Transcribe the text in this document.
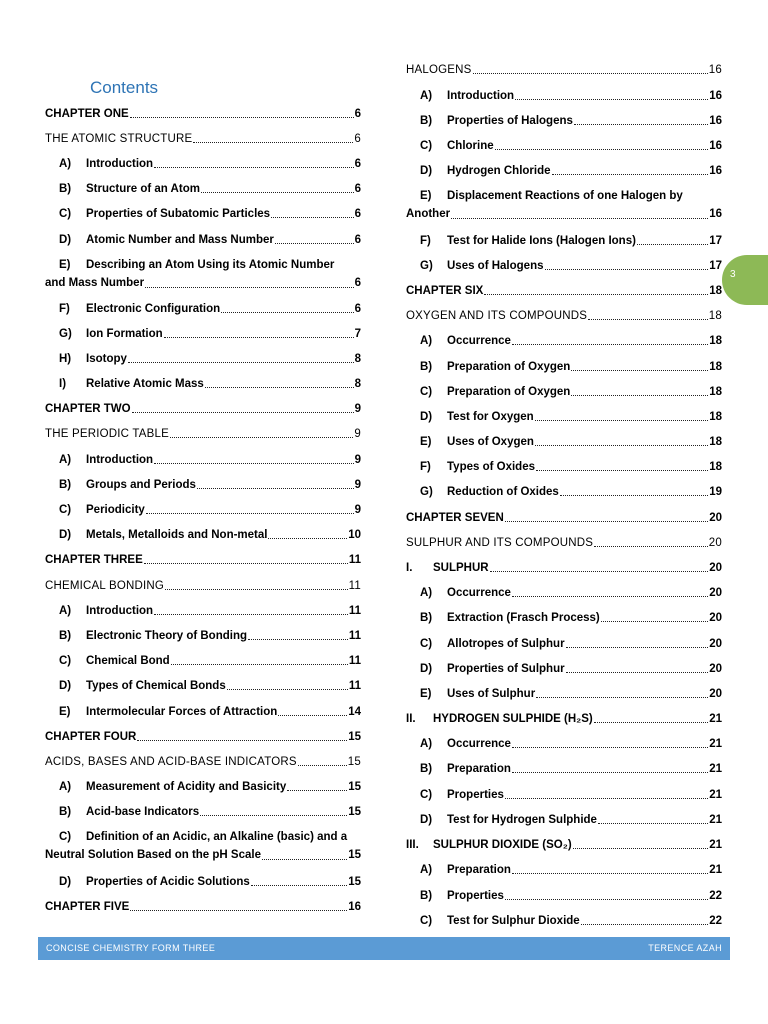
Contents
CHAPTER ONE	6
THE ATOMIC STRUCTURE	6
A) Introduction	6
B) Structure of an Atom	6
C) Properties of Subatomic Particles	6
D) Atomic Number and Mass Number	6
E) Describing an Atom Using its Atomic Number
and Mass Number	6
F) Electronic Configuration	6
G) Ion Formation	7
H) Isotopy	8
I) Relative Atomic Mass	8
CHAPTER TWO	9
THE PERIODIC TABLE	9
A) Introduction	9
B) Groups and Periods	9
C) Periodicity	9
D) Metals, Metalloids and Non-metal	10
CHAPTER THREE	11
CHEMICAL BONDING	11
A) Introduction	11
B) Electronic Theory of Bonding	11
C) Chemical Bond	11
D) Types of Chemical Bonds	11
E) Intermolecular Forces of Attraction	14
CHAPTER FOUR	15
ACIDS, BASES AND ACID-BASE INDICATORS	15
A) Measurement of Acidity and Basicity	15
B) Acid-base Indicators	15
C) Definition of an Acidic, an Alkaline (basic) and a
Neutral Solution Based on the pH Scale	15
D) Properties of Acidic Solutions	15
CHAPTER FIVE	16
HALOGENS	16
A) Introduction	16
B) Properties of Halogens	16
C) Chlorine	16
D) Hydrogen Chloride	16
E) Displacement Reactions of one Halogen by
Another	16
F) Test for Halide Ions (Halogen Ions)	17
G) Uses of Halogens	17
CHAPTER SIX	18
OXYGEN AND ITS COMPOUNDS	18
A) Occurrence	18
B) Preparation of Oxygen	18
C) Preparation of Oxygen	18
D) Test for Oxygen	18
E) Uses of Oxygen	18
F) Types of Oxides	18
G) Reduction of Oxides	19
CHAPTER SEVEN	20
SULPHUR AND ITS COMPOUNDS	20
I. SULPHUR	20
A) Occurrence	20
B) Extraction (Frasch Process)	20
C) Allotropes of Sulphur	20
D) Properties of Sulphur	20
E) Uses of Sulphur	20
II. HYDROGEN SULPHIDE (H₂S)	21
A) Occurrence	21
B) Preparation	21
C) Properties	21
D) Test for Hydrogen Sulphide	21
III. SULPHUR DIOXIDE (SO₂)	21
A) Preparation	21
B) Properties	22
C) Test for Sulphur Dioxide	22
3
CONCISE CHEMISTRY FORM THREE	TERENCE AZAH
